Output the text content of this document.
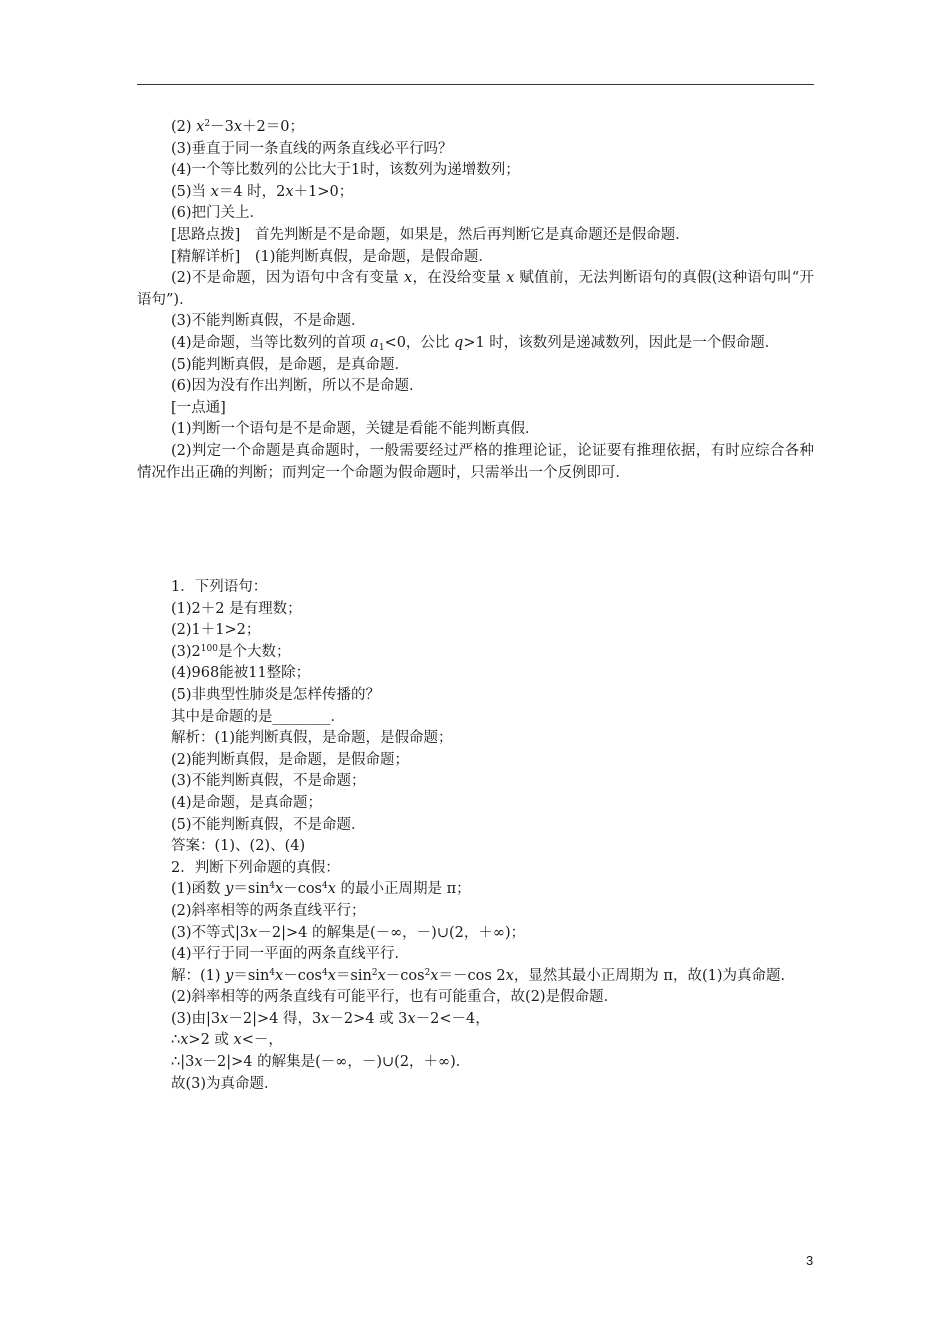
(2) $x^2-3x+2=0$；
(3)垂直于同一条直线的两条直线必平行吗？
(4)一个等比数列的公比大于1时，该数列为递增数列；
(5)当 x＝4 时，2x＋1>0；
(6)把门关上．
[思路点拨]　首先判断是不是命题，如果是，然后再判断它是真命题还是假命题．
[精解详析]　(1)能判断真假，是命题，是假命题．
(2)不是命题，因为语句中含有变量 x，在没给变量 x 赋值前，无法判断语句的真假(这种语句叫“开语句”)．
(3)不能判断真假，不是命题．
(4)是命题，当等比数列的首项 $a_1<0$，公比 q>1 时，该数列是递减数列，因此是一个假命题．
(5)能判断真假，是命题，是真命题．
(6)因为没有作出判断，所以不是命题．
[一点通]
(1)判断一个语句是不是命题，关键是看能不能判断真假．
(2)判定一个命题是真命题时，一般需要经过严格的推理论证，论证要有推理依据，有时应综合各种情况作出正确的判断；而判定一个命题为假命题时，只需举出一个反例即可．
1．下列语句：
(1)2＋2 是有理数；
(2)1＋1>2；
$(3)2^{100}$是个大数；
(4)968能被11整除；
(5)非典型性肺炎是怎样传播的？
其中是命题的是________．
解析：(1)能判断真假，是命题，是假命题；
(2)能判断真假，是命题，是假命题；
(3)不能判断真假，不是命题；
(4)是命题，是真命题；
(5)不能判断真假，不是命题．
答案：(1)、(2)、(4)
2．判断下列命题的真假：
(1)函数 $y=\sin^4x-\cos^4x$ 的最小正周期是 π；
(2)斜率相等的两条直线平行；
(3)不等式|3x－2|>4 的解集是(－∞，－)∪(2，＋∞)；
(4)平行于同一平面的两条直线平行．
解：(1) $y=\sin^4x-\cos^4x=\sin^2x-\cos^2x=-\cos$ 2x，显然其最小正周期为 π，故(1)为真命题．
(2)斜率相等的两条直线有可能平行，也有可能重合，故(2)是假命题．
(3)由|3x－2|>4 得，3x－2>4 或 3x－2<－4，
∴x>2 或 x<－，
∴|3x－2|>4 的解集是(－∞，－)∪(2，＋∞)．
故(3)为真命题．
3
